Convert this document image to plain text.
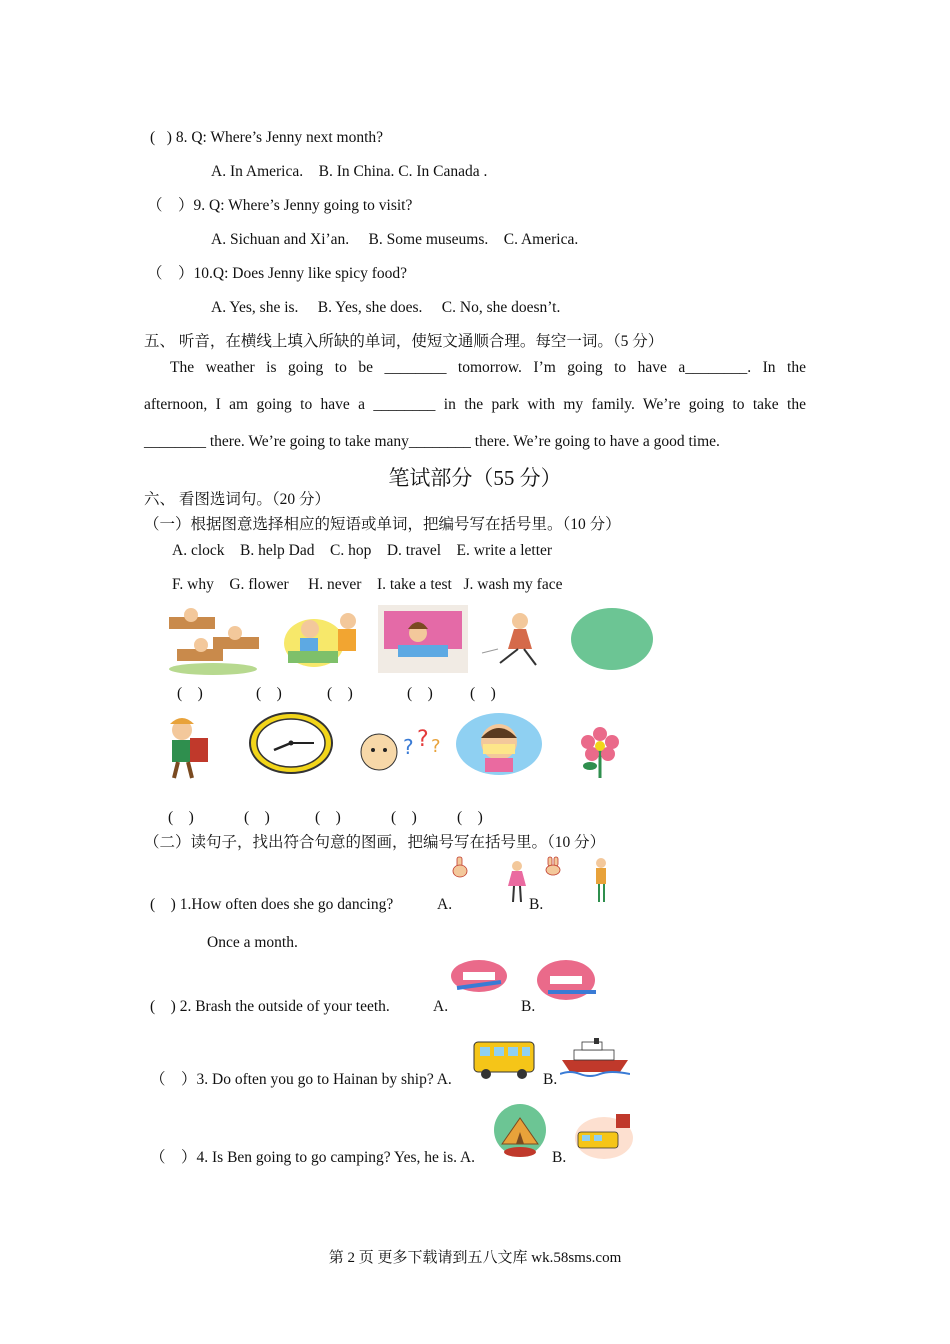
(   ) 8. Q: Where’s Jenny next month?
A. In America.    B. In China. C. In Canada .
（    ）9. Q: Where’s Jenny going to visit?
A. Sichuan and Xi’an.     B. Some museums.    C. America.
（    ）10.Q: Does Jenny like spicy food?
A. Yes, she is.     B. Yes, she does.     C. No, she doesn’t.
五、 听音，在横线上填入所缺的单词，使短文通顺合理。每空一词。（5 分）
The weather is going to be ________ tomorrow. I’m going to have a________. In the
afternoon, I am going to have a ________ in the park with my family. We’re going to take the
________ there. We’re going to take many________ there. We’re going to have a good time.
笔试部分（55 分）
六、 看图选词句。（20 分）
（一）根据图意选择相应的短语或单词，把编号写在括号里。（10 分）
A. clock    B. help Dad    C. hop    D. travel    E. write a letter
F. why    G. flower     H. never    I. take a test   J. wash my face
(    )	(    )	(    )	(    ) (    )
? ? ?
(    )	(    )	(    )	(    )	(    )
（二）读句子，找出符合句意的图画，把编号写在括号里。（10 分）
(    ) 1.How often does she go dancing?	A.	B.
Once a month.
(    ) 2. Brash the outside of your teeth.	A.	B.
（    ）3. Do often you go to Hainan by ship? A.	B.
（    ）4. Is Ben going to go camping? Yes, he is. A.	B.
第 2 页 更多下载请到五八文库 wk.58sms.com
